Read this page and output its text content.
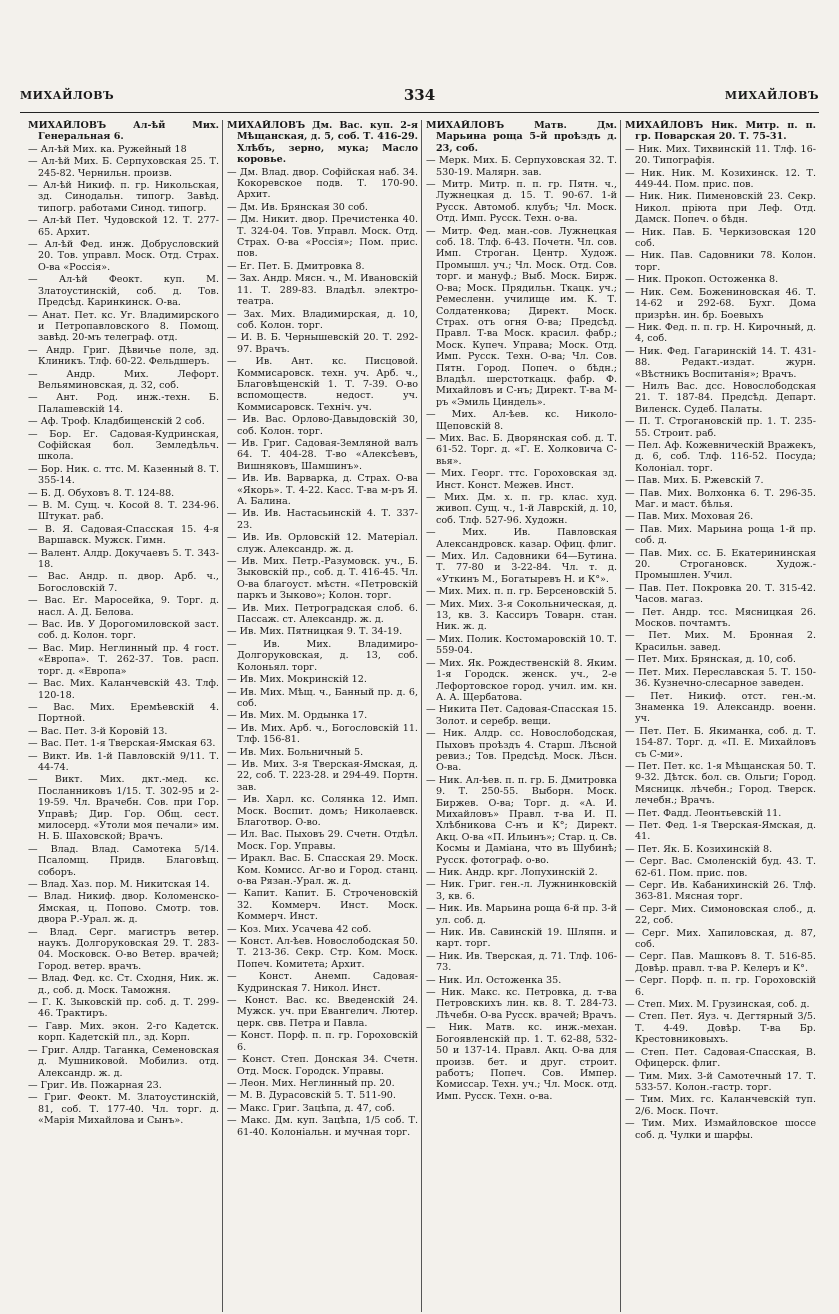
МИХАЙЛОВЪ	334	МИХАЙЛОВЪ

МИХАЙЛОВЪ Ал-ѣй Мих. Генеральная 6.

— Ал-ѣй Мих. ка. Ружейный 18

— Ал-ѣй Мих. Б. Серпуховская 25. Т. 245-82. Чернильн. произв.

— Ал-ѣй Никиф. п. гр. Никольская, зд. Синодальн. типогр. Завѣд. типогр. работами Синод. типогр.

— Ал-ѣй Пет. Чудовской 12. Т. 277-65. Архит.

— Ал-ѣй Фед. инж. Добрусловский 20. Тов. управл. Моск. Отд. Страх. О-ва «Россія».

— Ал-ѣй Феокт. куп. М. Златоустинскій, соб. д. Тов. Предсѣд. Каринкинск. О-ва.

— Анат. Пет. кс. Уг. Владимирского и Петропавловского 8. Помощ. завѣд. 20-мъ телеграф. отд.

— Андр. Григ. Дѣвичье поле, зд. Клиникъ. Тлф. 60-22. Фельдшеръ.

— Андр. Мих. Лефорт. Вельяминовская, д. 32, соб.

— Ант. Род. инж.-техн. Б. Палашевскій 14.

— Аф. Троф. Кладбищенскій 2 соб.

— Бор. Ег. Садовая-Кудринская, Софійская бол. Земледѣльч. школа.

— Бор. Ник. с. ттс. М. Казенный 8. Т. 355-14.

— Б. Д. Обуховъ 8. Т. 124-88.

— В. М. Сущ. ч. Косой 8. Т. 234-96. Штукат. раб.

— В. Я. Садовая-Спасская 15. 4-я Варшавск. Мужск. Гимн.

— Валент. Алдр. Докучаевъ 5. Т. 343-18.

— Вас. Андр. п. двор. Арб. ч., Богословскій 7.

— Вас. Ег. Маросейка, 9. Торг. д. насл. А. Д. Белова.

— Вас. Ив. У Дорогомиловской заст. соб. д. Колон. торг.

— Вас. Мир. Неглинный пр. 4 гост. «Европа». Т. 262-37. Тов. расп. торг. д. «Европа»

— Вас. Мих. Каланчевскій 43. Тлф. 120-18.

— Вас. Мих. Еремѣевскій 4. Портной.

— Вас. Пет. 3-й Коровій 13.

— Вас. Пет. 1-я Тверская-Ямская 63.

— Викт. Ив. 1-й Павловскій 9/11. Т. 44-74.

— Викт. Мих. дкт.-мед. кс. Посланниковъ 1/15. Т. 302-95 и 2-19-59. Чл. Врачебн. Сов. при Гор. Управѣ; Дир. Гор. Общ. сест. милосерд. «Утоли моя печали» им. Н. Б. Шаховской; Врачъ.

— Влад. Влад. Самотека 5/14. Псаломщ. Придв. Благовѣщ. соборъ.

— Влад. Хаз. пор. М. Никитская 14.

— Влад. Никиф. двор. Коломенско-Ямская, ц. Попово. Смотр. тов. двора Р.-Урал. ж. д.

— Влад. Серг. магистръ ветер. наукъ. Долгоруковская 29. Т. 283-04. Московск. О-во Ветер. врачей; Город. ветер. врачъ.

— Влад. Фед. кс. Ст. Сходня, Ник. ж. д., соб. д. Моск. Таможня.

— Г. К. Зыковскій пр. соб. д. Т. 299-46. Трактиръ.

— Гавр. Мих. экон. 2-го Кадетск. корп. Кадетскій пл., зд. Корп.

— Григ. Алдр. Таганка, Семеновская д. Мушниковой. Мобилиз. отд. Александр. ж. д.

— Григ. Ив. Пожарная 23.

— Григ. Феокт. М. Златоустинскій, 81, соб. Т. 177-40. Чл. торг. д. «Марія Михайлова и Сынъ».

МИХАЙЛОВЪ Дм. Вас. куп. 2-я Мѣщанская, д. 5, соб. Т. 416-29. Хлѣбъ, зерно, мука; Масло коровье.

— Дм. Влад. двор. Софійская наб. 34. Кокоревское подв. Т. 170-90. Архит.

— Дм. Ив. Брянская 30 соб.

— Дм. Никит. двор. Пречистенка 40. Т. 324-04. Тов. Управл. Моск. Отд. Страх. О-ва «Россія»; Пом. прис. пов.

— Ег. Пет. Б. Дмитровка 8.

— Зах. Андр. Мясн. ч., М. Ивановскій 11. Т. 289-83. Владѣл. электро-театра.

— Зах. Мих. Владимирская, д. 10, соб. Колон. торг.

— И. В. Б. Чернышевскій 20. Т. 292-97. Врачъ.

— Ив. Ант. кс. Писцовой. Коммисаровск. техн. уч. Арб. ч., Благовѣщенскій 1. Т. 7-39. О-во вспомоществ. недост. уч. Коммисаровск. Техніч. уч.

— Ив. Вас. Орлово-Давыдовскій 30, соб. Колон. торг.

— Ив. Григ. Садовая-Земляной валъ 64. Т. 404-28. Т-во «Алексѣевъ, Вишняковъ, Шамшинъ».

— Ив. Ив. Варварка, д. Страх. О-ва «Якорь». Т. 4-22. Касс. Т-ва м-ръ Я. А. Балина.

— Ив. Ив. Настасьинскій 4. Т. 337-23.

— Ив. Ив. Орловскій 12. Матеріал. служ. Александр. ж. д.

— Ив. Мих. Петр.-Разумовск. уч., Б. Зыковскій пр., соб. д. Т. 416-45. Чл. О-ва благоуст. мѣстн. «Петровскій паркъ и Зыково»; Колон. торг.

— Ив. Мих. Петроградская слоб. 6. Пассаж. ст. Александр. ж. д.

— Ив. Мих. Пятницкая 9. Т. 34-19.

— Ив. Мих. Владимиро-Долгоруковская, д. 13, соб. Колоньял. торг.

— Ив. Мих. Мокринскій 12.

— Ив. Мих. Мѣщ. ч., Банный пр. д. 6, соб.

— Ив. Мих. М. Ордынка 17.

— Ив. Мих. Арб. ч., Богословскій 11. Тлф. 156-81.

— Ив. Мих. Больничный 5.

— Ив. Мих. 3-я Тверская-Ямская, д. 22, соб. Т. 223-28. и 294-49. Портн. зав.

— Ив. Харл. кс. Солянка 12. Имп. Моск. Воспит. домъ; Николаевск. Благотвор. О-во.

— Ил. Вас. Пыховъ 29. Счетн. Отдѣл. Моск. Гор. Управы.

— Иракл. Вас. Б. Спасская 29. Моск. Ком. Комисс. Аг-во и Город. станц. о-ва Рязан.-Урал. ж. д.

— Капит. Капит. Б. Строченовскій 32. Коммерч. Инст. Моск. Коммерч. Инст.

— Коз. Мих. Усачева 42 соб.

— Конст. Ал-ѣев. Новослободская 50. Т. 213-36. Секр. Стр. Ком. Моск. Попеч. Комитета; Архит.

— Конст. Анемп. Садовая-Кудринская 7. Никол. Инст.

— Конст. Вас. кс. Введенскій 24. Мужск. уч. при Евангелич. Лютер. церк. свв. Петра и Павла.

— Конст. Порф. п. п. гр. Гороховскій 6.

— Конст. Степ. Донская 34. Счетн. Отд. Моск. Городск. Управы.

— Леон. Мих. Неглинный пр. 20.

— М. В. Дурасовскій 5. Т. 511-90.

— Макс. Григ. Зацѣпа, д. 47, соб.

— Макс. Дм. куп. Зацѣпа, 1/5 соб. Т. 61-40. Колоніальн. и мучная торг.

МИХАЙЛОВЪ Матв. Дм. Марьина роща 5-й проѣздъ д. 23, соб.

— Мерк. Мих. Б. Серпуховская 32. Т. 530-19. Малярн. зав.

— Митр. Митр. п. п. гр. Пятн. ч., Лужнецкая д. 15. Т. 90-67. 1-й Русск. Автомоб. клубъ; Чл. Моск. Отд. Имп. Русск. Техн. о-ва.

— Митр. Фед. ман.-сов. Лужнецкая соб. 18. Тлф. 6-43. Почетн. Чл. сов. Имп. Строган. Центр. Худож. Промышл. уч.; Чл. Моск. Отд. Сов. торг. и мануф.; Выб. Моск. Бирж. О-ва; Моск. Прядильн. Ткацк. уч.; Ремесленн. училище им. К. Т. Солдатенкова; Директ. Моск. Страх. отъ огня О-ва; Предсѣд. Правл. Т-ва Моск. красил. фабр.; Моск. Купеч. Управа; Моск. Отд. Имп. Русск. Техн. О-ва; Чл. Сов. Пятн. Город. Попеч. о бѣдн.; Владѣл. шерстоткацк. фабр. Ф. Михайловъ и С-нъ; Директ. Т-ва М-ръ «Эмиль Циндель».

— Мих. Ал-ѣев. кс. Николо-Щеповскій 8.

— Мих. Вас. Б. Дворянская соб. д. Т. 61-52. Торг. д. «Г. Е. Холковича С-вья».

— Мих. Георг. ттс. Гороховская зд. Инст. Конст. Межев. Инст.

— Мих. Дм. х. п. гр. клас. худ. живоп. Сущ. ч., 1-й Лаврскій, д. 10, соб. Тлф. 527-96. Художн.

— Мих. Ив. Павловская Александровск. казар. Офиц. флиг.

— Мих. Ил. Садовники 64—Бутина. Т. 77-80 и 3-22-84. Чл. т. д. «Уткинъ М., Богатыревъ Н. и К°».

— Мих. Мих. п. п. гр. Берсеновскій 5.

— Мих. Мих. 3-я Сокольническая, д. 13, кв. 3. Кассиръ Товарн. стан. Ник. ж. д.

— Мих. Полик. Костомаровскій 10. Т. 559-04.

— Мих. Як. Рождественскій 8. Яким. 1-я Городск. женск. уч., 2-е Лефортовское город. учил. им. кн. А. А. Щербатова.

— Никита Пет. Садовая-Спасская 15. Золот. и серебр. вещи.

— Ник. Алдр. сс. Новослободская, Пыховъ проѣздъ 4. Старш. Лѣсной ревиз.; Тов. Предсѣд. Моск. Лѣсн. О-ва.

— Ник. Ал-ѣев. п. п. гр. Б. Дмитровка 9. Т. 250-55. Выборн. Моск. Биржев. О-ва; Торг. д. «А. И. Михайловъ» Правл. т-ва И. П. Хлѣбникова С-нъ и К°; Директ. Акц. О-ва «П. Ильинъ»; Стар. ц. Св. Космы и Дамiана, что въ Шубинѣ; Русск. фотограф. о-во.

— Ник. Андр. крг. Лопухинскій 2.

— Ник. Григ. ген.-л. Лужнинковскій 3, кв. 6.

— Ник. Ив. Марьина роща 6-й пр. 3-й ул. соб. д.

— Ник. Ив. Савинскій 19. Шляпн. и карт. торг.

— Ник. Ив. Тверская, д. 71. Тлф. 106-73.

— Ник. Ил. Остоженка 35.

— Ник. Макс. кс. Петровка, д. т-ва Петровскихъ лин. кв. 8. Т. 284-73. Лѣчебн. О-ва Русск. врачей; Врачъ.

— Ник. Матв. кс. инж.-механ. Богоявленскій пр. 1. Т. 62-88, 532-50 и 137-14. Правл. Акц. О-ва для произв. бет. и друг. строит. работъ; Попеч. Сов. Импер. Комиссар. Техн. уч.; Чл. Моск. отд. Имп. Русск. Техн. о-ва.

МИХАЙЛОВЪ Ник. Митр. п. п. гр. Поварская 20. Т. 75-31.

— Ник. Мих. Тихвинскій 11. Тлф. 16-20. Типографія.

— Ник. Ник. М. Козихинск. 12. Т. 449-44. Пом. прис. пов.

— Ник. Ник. Пименовскій 23. Секр. Никол. пріюта при Леф. Отд. Дамск. Попеч. о бѣдн.

— Ник. Пав. Б. Черкизовская 120 соб.

— Ник. Пав. Садовники 78. Колон. торг.

— Ник. Прокоп. Остоженка 8.

— Ник. Сем. Божениновская 46. Т. 14-62 и 292-68. Бухг. Дома призрѣн. ин. бр. Боевыхъ

— Ник. Фед. п. п. гр. Н. Кирочный, д. 4, соб.

— Ник. Фед. Гагаринскій 14. Т. 431-88. Редакт.-издат. журн. «Вѣстникъ Воспитанія»; Врачъ.

— Нилъ Вас. дсс. Новослободская 21. Т. 187-84. Предсѣд. Департ. Виленск. Судеб. Палаты.

— П. Т. Строгановскій пр. 1. Т. 235-55. Строит. раб.

— Пел. Аф. Кожевническій Вражекъ, д. 6, соб. Тлф. 116-52. Посуда; Колоніал. торг.

— Пав. Мих. Б. Ржевскій 7.

— Пав. Мих. Волхонка 6. Т. 296-35. Маг. и маст. бѣлья.

— Пав. Мих. Моховая 26.

— Пав. Мих. Марьина роща 1-й пр. соб. д.

— Пав. Мих. сс. Б. Екатерининская 20. Строгановск. Худож.-Промышлен. Учил.

— Пав. Пет. Покровка 20. Т. 315-42. Часов. магаз.

— Пет. Андр. тсс. Мясницкая 26. Москов. почтамтъ.

— Пет. Мих. М. Бронная 2. Красильн. завед.

— Пет. Мих. Брянская, д. 10, соб.

— Пет. Мих. Переславская 5. Т. 150-36. Кузнечно-слесарное заведен.

— Пет. Никиф. отст. ген.-м. Знаменка 19. Александр. военн. уч.

— Пет. Пет. Б. Якиманка, соб. д. Т. 154-87. Торг. д. «П. Е. Михайловъ съ С-ми».

— Пет. Пет. кс. 1-я Мѣщанская 50. Т. 9-32. Дѣтск. бол. св. Ольги; Город. Мясницк. лѣчебн.; Город. Тверск. лечебн.; Врачъ.

— Пет. Фадд. Леонтьевскій 11.

— Пет. Фед. 1-я Тверская-Ямская, д. 41.

— Пет. Як. Б. Козихинскій 8.

— Серг. Вас. Смоленскій буд. 43. Т. 62-61. Пом. прис. пов.

— Серг. Ив. Кабанихинскій 26. Тлф. 363-81. Мясная торг.

— Серг. Мих. Симоновская слоб., д. 22, соб.

— Серг. Мих. Хапиловская, д. 87, соб.

— Серг. Пав. Машковъ 8. Т. 516-85. Довѣр. правл. т-ва Р. Келеръ и К°.

— Серг. Порф. п. п. гр. Гороховскій 6.

— Степ. Мих. М. Грузинская, соб. д.

— Степ. Пет. Яуз. ч. Дегтярный 3/5. Т. 4-49. Довѣр. Т-ва Бр. Крестовниковыхъ.

— Степ. Пет. Садовая-Спасская, В. Офицерск. флиг.

— Тим. Мих. 3-й Самотечный 17. Т. 533-57. Колон.-гастр. торг.

— Тим. Мих. гс. Каланчевскій туп. 2/6. Моск. Почт.

— Тим. Мих. Измайловское шоссе соб. д. Чулки и шарфы.
